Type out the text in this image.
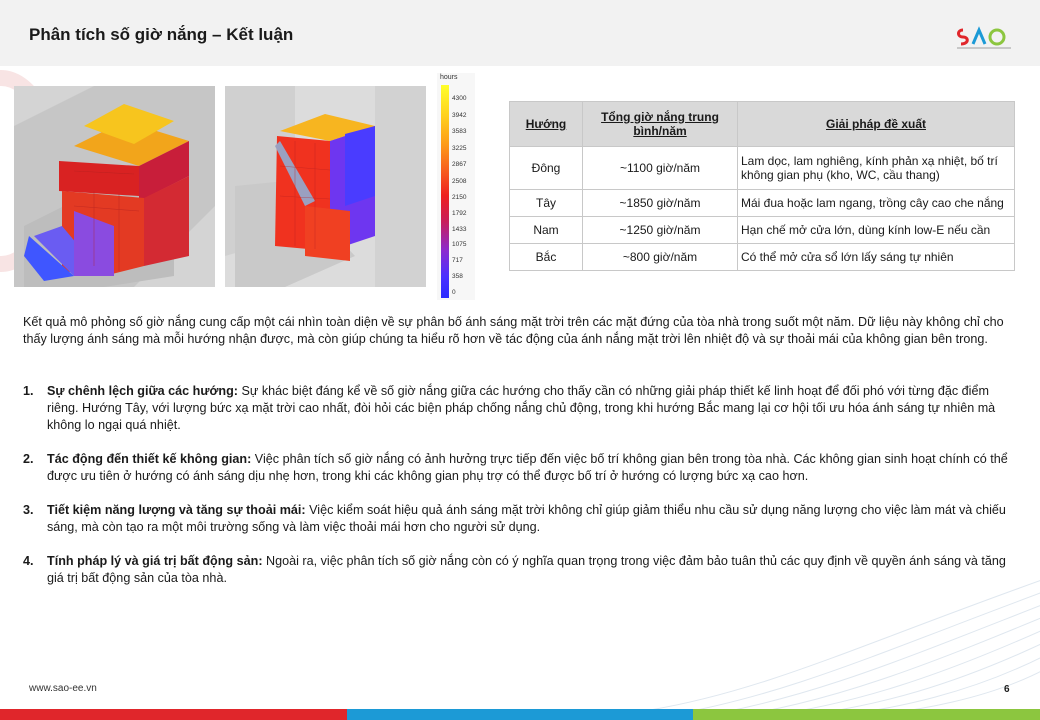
Phân tích số giờ nắng – Kết luận
hours
4300
3942
3583
3225
2867
2508
2150
1792
1433
1075
717
358
0
Hướng	Tổng giờ nắng trung bình/năm	Giải pháp đề xuất
Đông	~1100 giờ/năm	Lam dọc, lam nghiêng, kính phản xạ nhiệt, bố trí không gian phụ (kho, WC, cầu thang)
Tây	~1850 giờ/năm	Mái đua hoặc lam ngang, trồng cây cao che nắng
Nam	~1250 giờ/năm	Hạn chế mở cửa lớn, dùng kính low-E nếu cần
Bắc	~800 giờ/năm	Có thể mở cửa sổ lớn lấy sáng tự nhiên
Kết quả mô phỏng số giờ nắng cung cấp một cái nhìn toàn diện về sự phân bố ánh sáng mặt trời trên các mặt đứng của tòa nhà trong suốt một năm. Dữ liệu này không chỉ cho thấy lượng ánh sáng mà mỗi hướng nhận được, mà còn giúp chúng ta hiểu rõ hơn về tác động của ánh nắng mặt trời lên nhiệt độ và sự thoải mái của không gian bên trong.
1. Sự chênh lệch giữa các hướng: Sự khác biệt đáng kể về số giờ nắng giữa các hướng cho thấy cần có những giải pháp thiết kế linh hoạt để đối phó với từng đặc điểm riêng. Hướng Tây, với lượng bức xạ mặt trời cao nhất, đòi hỏi các biện pháp chống nắng chủ động, trong khi hướng Bắc mang lại cơ hội tối ưu hóa ánh sáng tự nhiên mà không lo ngại quá nhiệt.
2. Tác động đến thiết kế không gian: Việc phân tích số giờ nắng có ảnh hưởng trực tiếp đến việc bố trí không gian bên trong tòa nhà. Các không gian sinh hoạt chính có thể được ưu tiên ở hướng có ánh sáng dịu nhẹ hơn, trong khi các không gian phụ trợ có thể được bố trí ở hướng có lượng bức xạ cao hơn.
3. Tiết kiệm năng lượng và tăng sự thoải mái: Việc kiểm soát hiệu quả ánh sáng mặt trời không chỉ giúp giảm thiểu nhu cầu sử dụng năng lượng cho việc làm mát và chiếu sáng, mà còn tạo ra một môi trường sống và làm việc thoải mái hơn cho người sử dụng.
4. Tính pháp lý và giá trị bất động sản: Ngoài ra, việc phân tích số giờ nắng còn có ý nghĩa quan trọng trong việc đảm bảo tuân thủ các quy định về quyền ánh sáng và tăng giá trị bất động sản của tòa nhà.
www.sao-ee.vn	6
